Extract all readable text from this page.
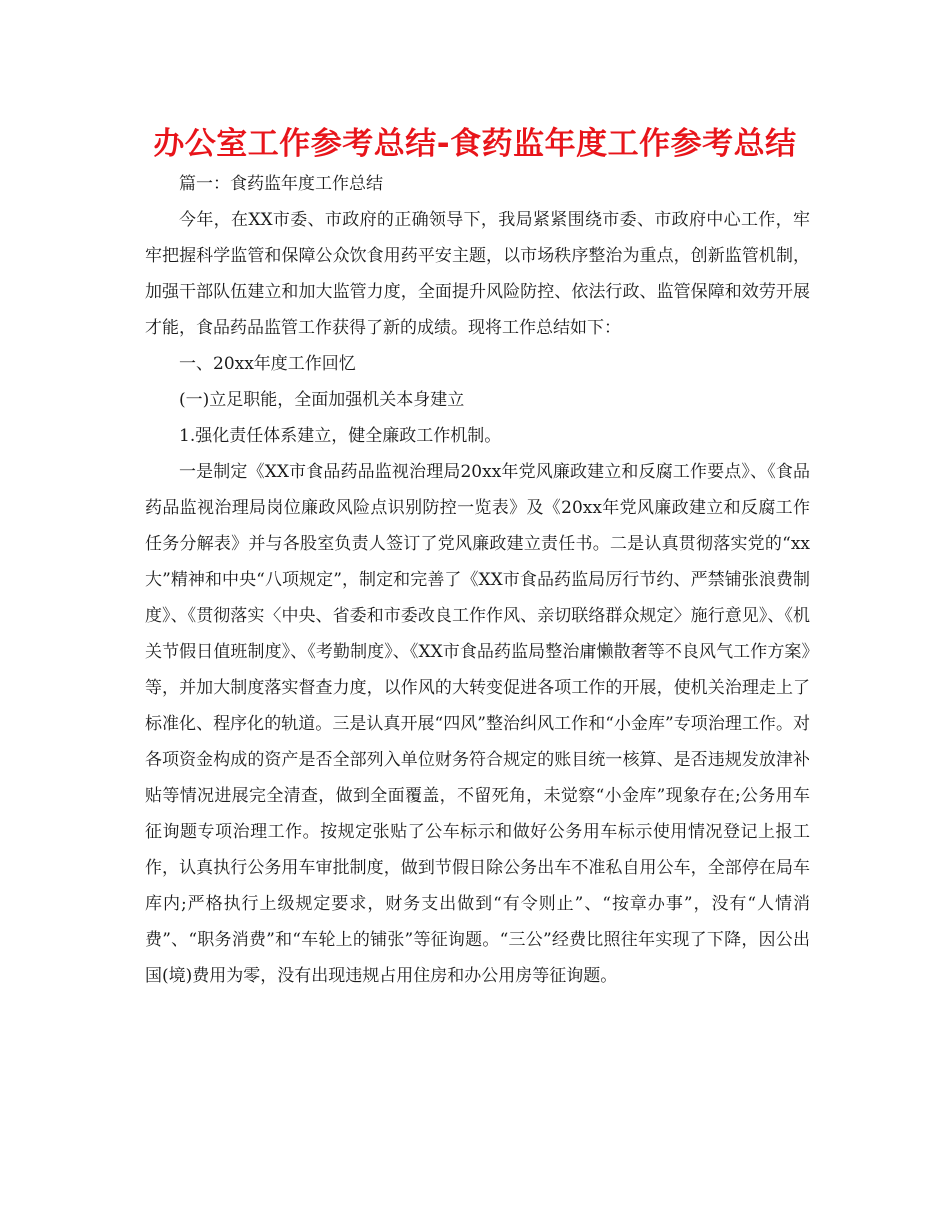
办公室工作参考总结-食药监年度工作参考总结

篇一：食药监年度工作总结

今年，在XX市委、市政府的正确领导下，我局紧紧围绕市委、市政府中心工作，牢牢把握科学监管和保障公众饮食用药平安主题，以市场秩序整治为重点，创新监管机制，加强干部队伍建立和加大监管力度，全面提升风险防控、依法行政、监管保障和效劳开展才能，食品药品监管工作获得了新的成绩。现将工作总结如下：

一、20xx年度工作回忆

(一)立足职能，全面加强机关本身建立

1.强化责任体系建立，健全廉政工作机制。

一是制定《XX市食品药品监视治理局20xx年党风廉政建立和反腐工作要点》、《食品药品监视治理局岗位廉政风险点识别防控一览表》及《20xx年党风廉政建立和反腐工作任务分解表》并与各股室负责人签订了党风廉政建立责任书。二是认真贯彻落实党的“xx大”精神和中央“八项规定”，制定和完善了《XX市食品药监局厉行节约、严禁铺张浪费制度》、《贯彻落实〈中央、省委和市委改良工作作风、亲切联络群众规定〉施行意见》、《机关节假日值班制度》、《考勤制度》、《XX市食品药监局整治庸懒散奢等不良风气工作方案》等，并加大制度落实督查力度，以作风的大转变促进各项工作的开展，使机关治理走上了标准化、程序化的轨道。三是认真开展“四风”整治纠风工作和“小金库”专项治理工作。对各项资金构成的资产是否全部列入单位财务符合规定的账目统一核算、是否违规发放津补贴等情况进展完全清查，做到全面覆盖，不留死角，未觉察“小金库”现象存在;公务用车征询题专项治理工作。按规定张贴了公车标示和做好公务用车标示使用情况登记上报工作，认真执行公务用车审批制度，做到节假日除公务出车不准私自用公车，全部停在局车库内;严格执行上级规定要求，财务支出做到“有令则止”、“按章办事”，没有“人情消费”、“职务消费”和“车轮上的铺张”等征询题。“三公”经费比照往年实现了下降，因公出国(境)费用为零，没有出现违规占用住房和办公用房等征询题。
